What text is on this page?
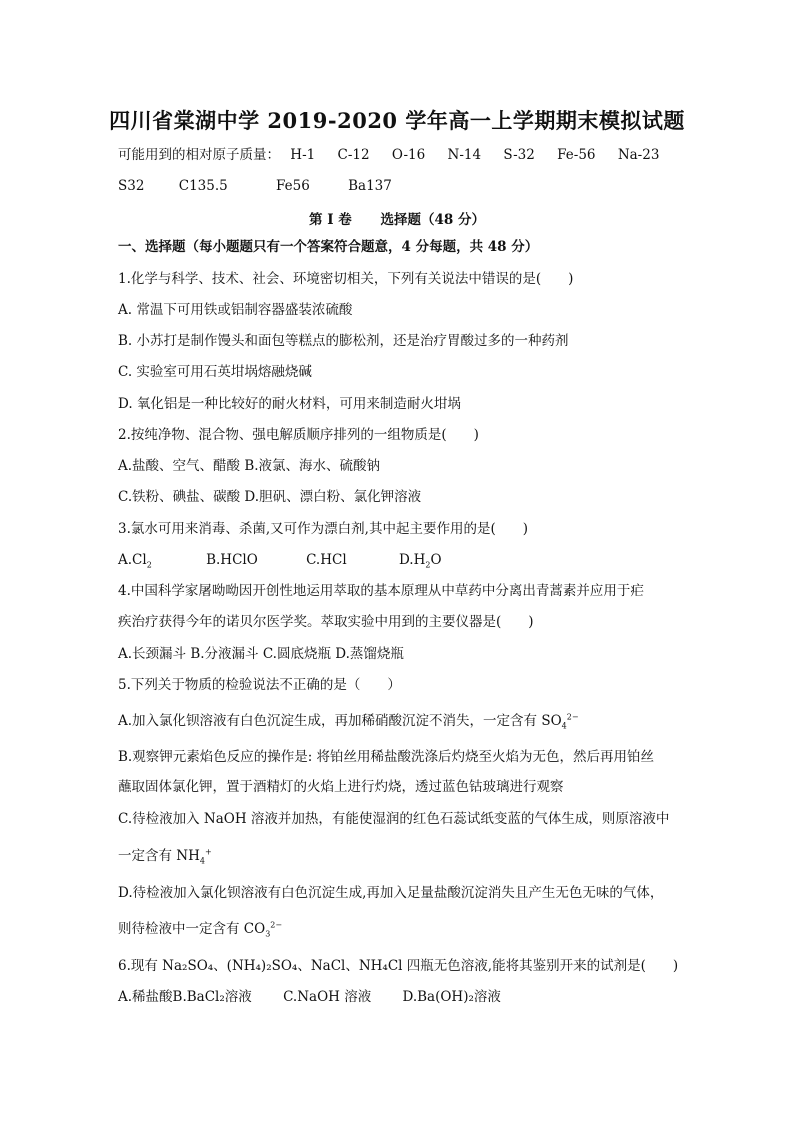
四川省棠湖中学 2019-2020 学年高一上学期期末模拟试题
可能用到的相对原子质量： H-1 C-12 O-16 N-14 S-32 Fe-56 Na-23
S32	C135.5	Fe56	Ba137
第 I 卷 选择题（48 分）
一、选择题（每小题题只有一个答案符合题意，4 分每题，共 48 分）
1.化学与科学、技术、社会、环境密切相关，下列有关说法中错误的是(　　)
A. 常温下可用铁或铝制容器盛装浓硫酸
B. 小苏打是制作馒头和面包等糕点的膨松剂，还是治疗胃酸过多的一种药剂
C. 实验室可用石英坩埚熔融烧碱
D. 氧化铝是一种比较好的耐火材料，可用来制造耐火坩埚
2.按纯净物、混合物、强电解质顺序排列的一组物质是(　　)
A.盐酸、空气、醋酸 B.液氯、海水、硫酸钠
C.铁粉、碘盐、碳酸 D.胆矾、漂白粉、氯化钾溶液
3.氯水可用来消毒、杀菌,又可作为漂白剂,其中起主要作用的是(　　)
$A.Cl_2$	B.HClO	C.HCl	$D.H_2O$
4.中国科学家屠呦呦因开创性地运用萃取的基本原理从中草药中分离出青蒿素并应用于疟
疾治疗获得今年的诺贝尔医学奖。萃取实验中用到的主要仪器是(　　)
A.长颈漏斗 B.分液漏斗 C.圆底烧瓶 D.蒸馏烧瓶
5.下列关于物质的检验说法不正确的是（　　）
A.加入氯化钡溶液有白色沉淀生成，再加稀硝酸沉淀不消失，一定含有 $SO_4^{2-}$
B.观察钾元素焰色反应的操作是: 将铂丝用稀盐酸洗涤后灼烧至火焰为无色，然后再用铂丝
蘸取固体氯化钾，置于酒精灯的火焰上进行灼烧，透过蓝色钴玻璃进行观察
C.待检液加入 NaOH 溶液并加热，有能使湿润的红色石蕊试纸变蓝的气体生成，则原溶液中
一定含有 $NH_4^+$
D.待检液加入氯化钡溶液有白色沉淀生成,再加入足量盐酸沉淀消失且产生无色无味的气体，
则待检液中一定含有 $CO_3^{2-}$
6.现有 Na₂SO₄、(NH₄)₂SO₄、NaCl、NH₄Cl 四瓶无色溶液,能将其鉴别开来的试剂是(　　)
A.稀盐酸B.BaCl₂溶液　　 C.NaOH 溶液　　 D.Ba(OH)₂溶液
